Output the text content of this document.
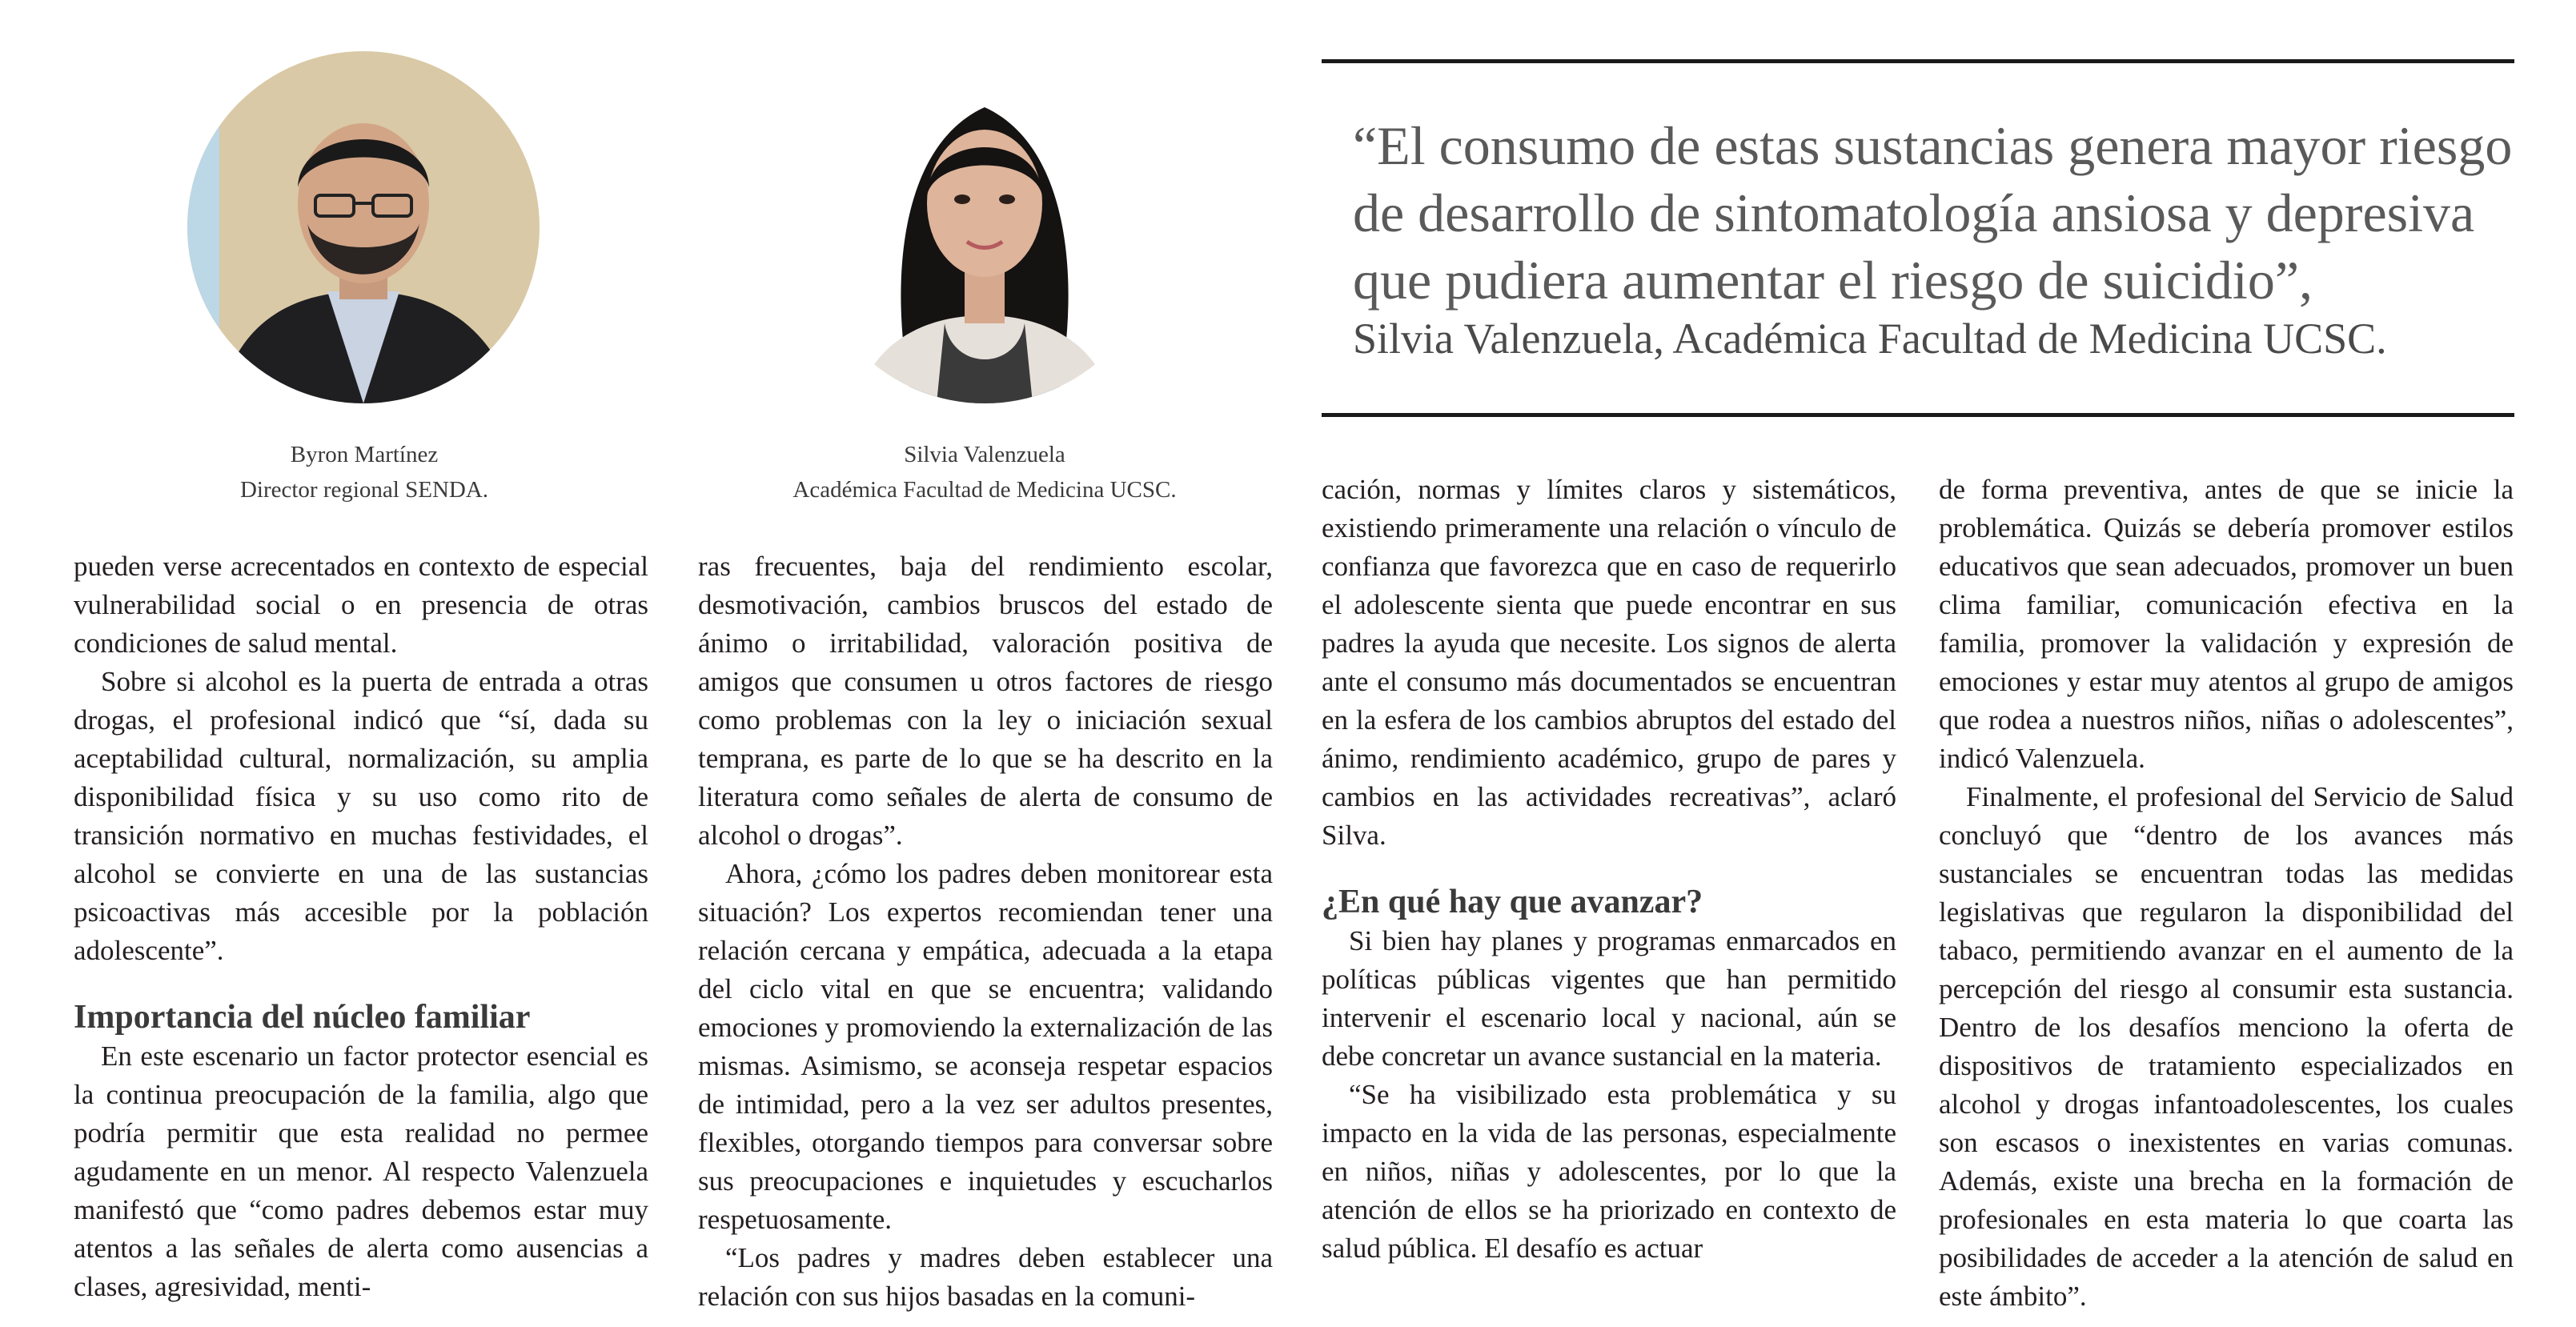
Byron Martínez
Director regional SENDA.
Silvia Valenzuela
Académica Facultad de Medicina UCSC.
“El consumo de estas sustancias genera mayor riesgo
de desarrollo de sintomatología ansiosa y depresiva
que pudiera aumentar el riesgo de suicidio”,
Silvia Valenzuela, Académica Facultad de Medicina UCSC.

pueden verse acrecentados en contexto de especial vulnerabilidad social o en presencia de otras condiciones de salud mental.

Sobre si alcohol es la puerta de entrada a otras drogas, el profesional indicó que “sí, dada su aceptabilidad cultural, normalización, su amplia disponibilidad física y su uso como rito de transición normativo en muchas festividades, el alcohol se convierte en una de las sustancias psicoactivas más accesible por la población adolescente”.

Importancia del núcleo familiar

En este escenario un factor protector esencial es la continua preocupación de la familia, algo que podría permitir que esta realidad no permee agudamente en un menor. Al respecto Valenzuela manifestó que “como padres debemos estar muy atentos a las señales de alerta como ausencias a clases, agresividad, menti-

ras frecuentes, baja del rendimiento escolar, desmotivación, cambios bruscos del estado de ánimo o irritabilidad, valoración positiva de amigos que consumen u otros factores de riesgo como problemas con la ley o iniciación sexual temprana, es parte de lo que se ha descrito en la literatura como señales de alerta de consumo de alcohol o drogas”.

Ahora, ¿cómo los padres deben monitorear esta situación? Los expertos recomiendan tener una relación cercana y empática, adecuada a la etapa del ciclo vital en que se encuentra; validando emociones y promoviendo la externalización de las mismas. Asimismo, se aconseja respetar espacios de intimidad, pero a la vez ser adultos presentes, flexibles, otorgando tiempos para conversar sobre sus preocupaciones e inquietudes y escucharlos respetuosamente.

“Los padres y madres deben establecer una relación con sus hijos basadas en la comuni-

cación, normas y límites claros y sistemáticos, existiendo primeramente una relación o vínculo de confianza que favorezca que en caso de requerirlo el adolescente sienta que puede encontrar en sus padres la ayuda que necesite. Los signos de alerta ante el consumo más documentados se encuentran en la esfera de los cambios abruptos del estado del ánimo, rendimiento académico, grupo de pares y cambios en las actividades recreativas”, aclaró Silva.

¿En qué hay que avanzar?

Si bien hay planes y programas enmarcados en políticas públicas vigentes que han permitido intervenir el escenario local y nacional, aún se debe concretar un avance sustancial en la materia.

“Se ha visibilizado esta problemática y su impacto en la vida de las personas, especialmente en niños, niñas y adolescentes, por lo que la atención de ellos se ha priorizado en contexto de salud pública. El desafío es actuar

de forma preventiva, antes de que se inicie la problemática. Quizás se debería promover estilos educativos que sean adecuados, promover un buen clima familiar, comunicación efectiva en la familia, promover la validación y expresión de emociones y estar muy atentos al grupo de amigos que rodea a nuestros niños, niñas o adolescentes”, indicó Valenzuela.

Finalmente, el profesional del Servicio de Salud concluyó que “dentro de los avances más sustanciales se encuentran todas las medidas legislativas que regularon la disponibilidad del tabaco, permitiendo avanzar en el aumento de la percepción del riesgo al consumir esta sustancia. Dentro de los desafíos menciono la oferta de dispositivos de tratamiento especializados en alcohol y drogas infantoadolescentes, los cuales son escasos o inexistentes en varias comunas. Además, existe una brecha en la formación de profesionales en esta materia lo que coarta las posibilidades de acceder a la atención de salud en este ámbito”.
